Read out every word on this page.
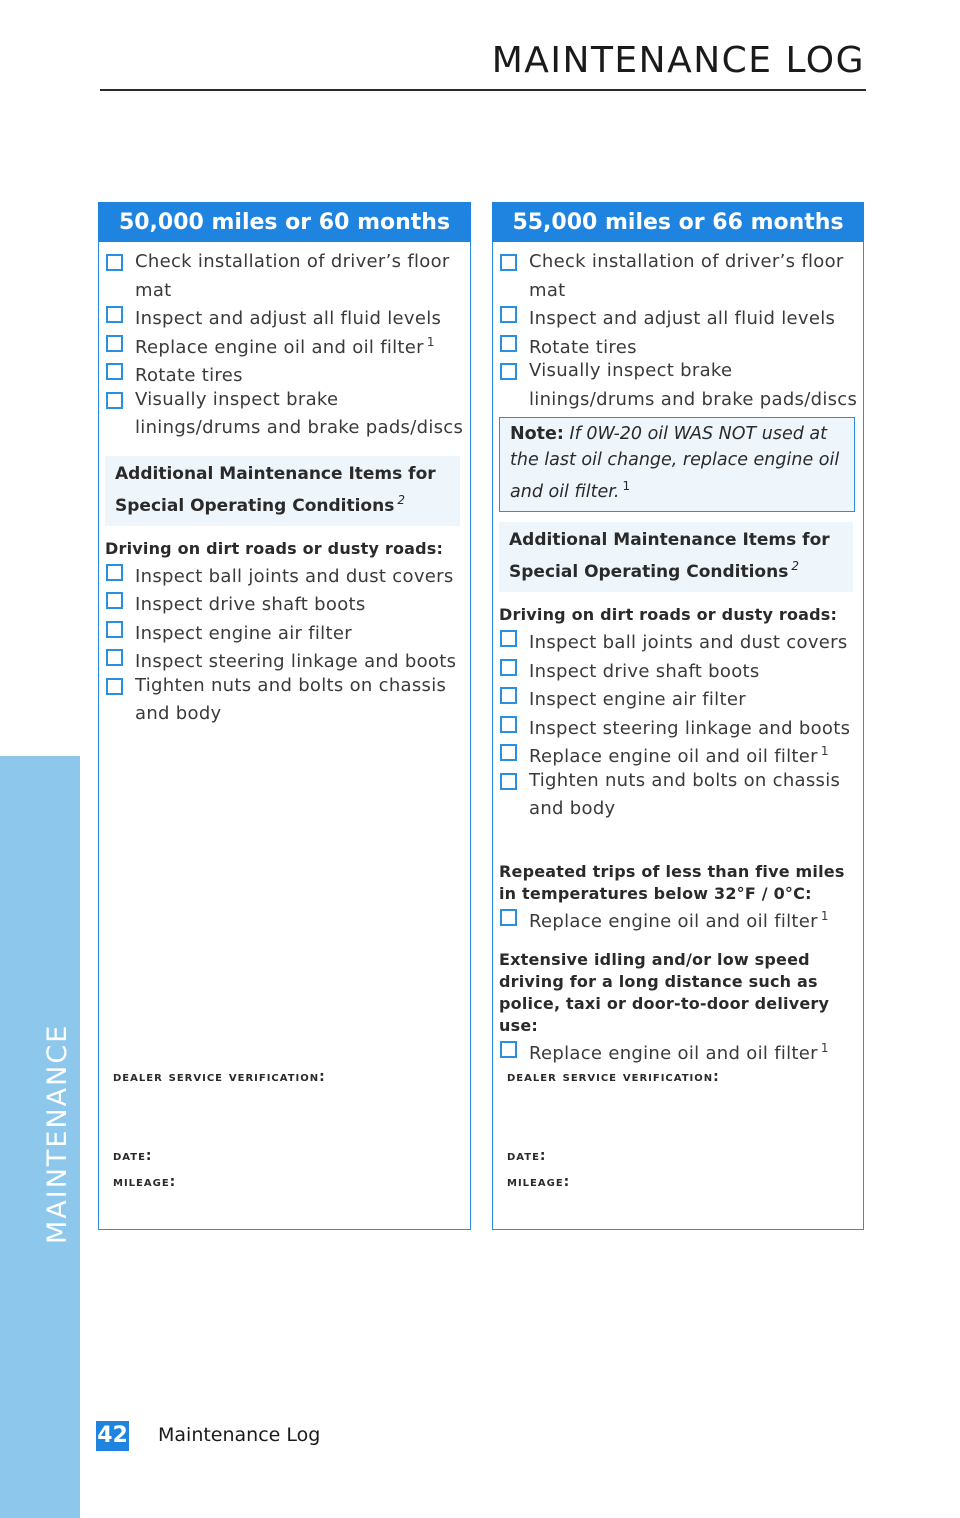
MAINTENANCE LOG
MAINTENANCE
50,000 miles or 60 months
Check installation of driver’s floor mat
Inspect and adjust all fluid levels
Replace engine oil and oil filter $^1$
Rotate tires
Visually inspect brake linings/drums and brake pads/discs
Additional Maintenance Items for Special Operating Conditions $^2$
Driving on dirt roads or dusty roads:
Inspect ball joints and dust covers
Inspect drive shaft boots
Inspect engine air filter
Inspect steering linkage and boots
Tighten nuts and bolts on chassis and body
dealer service verification:
date:
mileage:
55,000 miles or 66 months
Check installation of driver’s floor mat
Inspect and adjust all fluid levels
Rotate tires
Visually inspect brake linings/drums and brake pads/discs
Note: If 0W-20 oil WAS NOT used at the last oil change, replace engine oil and oil filter. $^1$
Additional Maintenance Items for Special Operating Conditions $^2$
Driving on dirt roads or dusty roads:
Inspect ball joints and dust covers
Inspect drive shaft boots
Inspect engine air filter
Inspect steering linkage and boots
Replace engine oil and oil filter $^1$
Tighten nuts and bolts on chassis and body
Repeated trips of less than five miles in temperatures below 32°F / 0°C:
Replace engine oil and oil filter $^1$
Extensive idling and/or low speed driving for a long distance such as police, taxi or door-to-door delivery use:
Replace engine oil and oil filter $^1$
dealer service verification:
date:
mileage:
42 Maintenance Log
